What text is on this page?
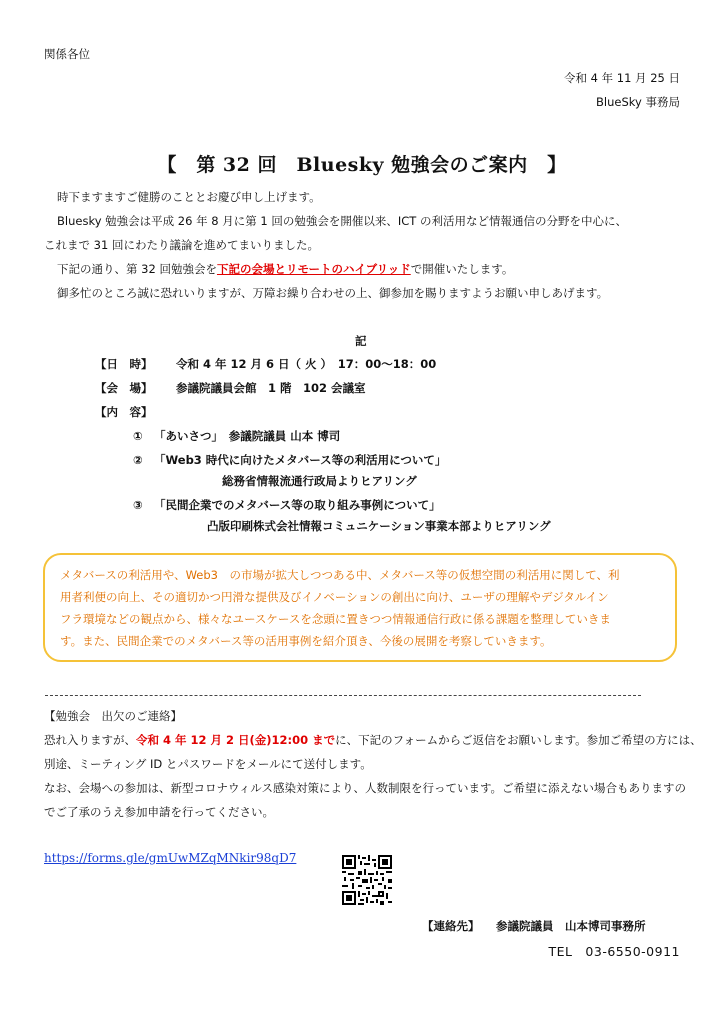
関係各位
令和 4 年 11 月 25 日
BlueSky 事務局
【　第 32 回　Bluesky 勉強会のご案内　】
時下ますますご健勝のこととお慶び申し上げます。
Bluesky 勉強会は平成 26 年 8 月に第 1 回の勉強会を開催以来、ICT の利活用など情報通信の分野を中心に、
これまで 31 回にわたり議論を進めてまいりました。
下記の通り、第 32 回勉強会を下記の会場とリモートのハイブリッドで開催いたします。
御多忙のところ誠に恐れいりますが、万障お繰り合わせの上、御参加を賜りますようお願い申しあげます。
記
【日　時】 令和 4 年 12 月 6 日（ 火 ）　17：00～18：00
【会　場】 参議院議員会館　1 階　102 会議室
【内　容】
① 「あいさつ」　参議院議員 山本 博司
② 「Web3 時代に向けたメタバース等の利活用について」
総務省情報流通行政局よりヒアリング
③ 「民間企業でのメタバース等の取り組み事例について」
凸版印刷株式会社情報コミュニケーション事業本部よりヒアリング
メタバースの利活用や、Web3　の市場が拡大しつつある中、メタバース等の仮想空間の利活用に関して、利
用者利便の向上、その適切かつ円滑な提供及びイノベーションの創出に向け、ユーザの理解やデジタルイン
フラ環境などの観点から、様々なユースケースを念頭に置きつつ情報通信行政に係る課題を整理していきま
す。また、民間企業でのメタバース等の活用事例を紹介頂き、今後の展開を考察していきます。
【勉強会　出欠のご連絡】
恐れ入りますが、令和 4 年 12 月 2 日(金)12:00 までに、下記のフォームからご返信をお願いします。参加ご希望の方には、
別途、ミーティング ID とパスワードをメールにて送付します。
なお、会場への参加は、新型コロナウィルス感染対策により、人数制限を行っています。ご希望に添えない場合もありますの
でご了承のうえ参加申請を行ってください。
https://forms.gle/gmUwMZqMNkir98qD7
【連絡先】 参議院議員　山本博司事務所
TEL　03-6550-0911
